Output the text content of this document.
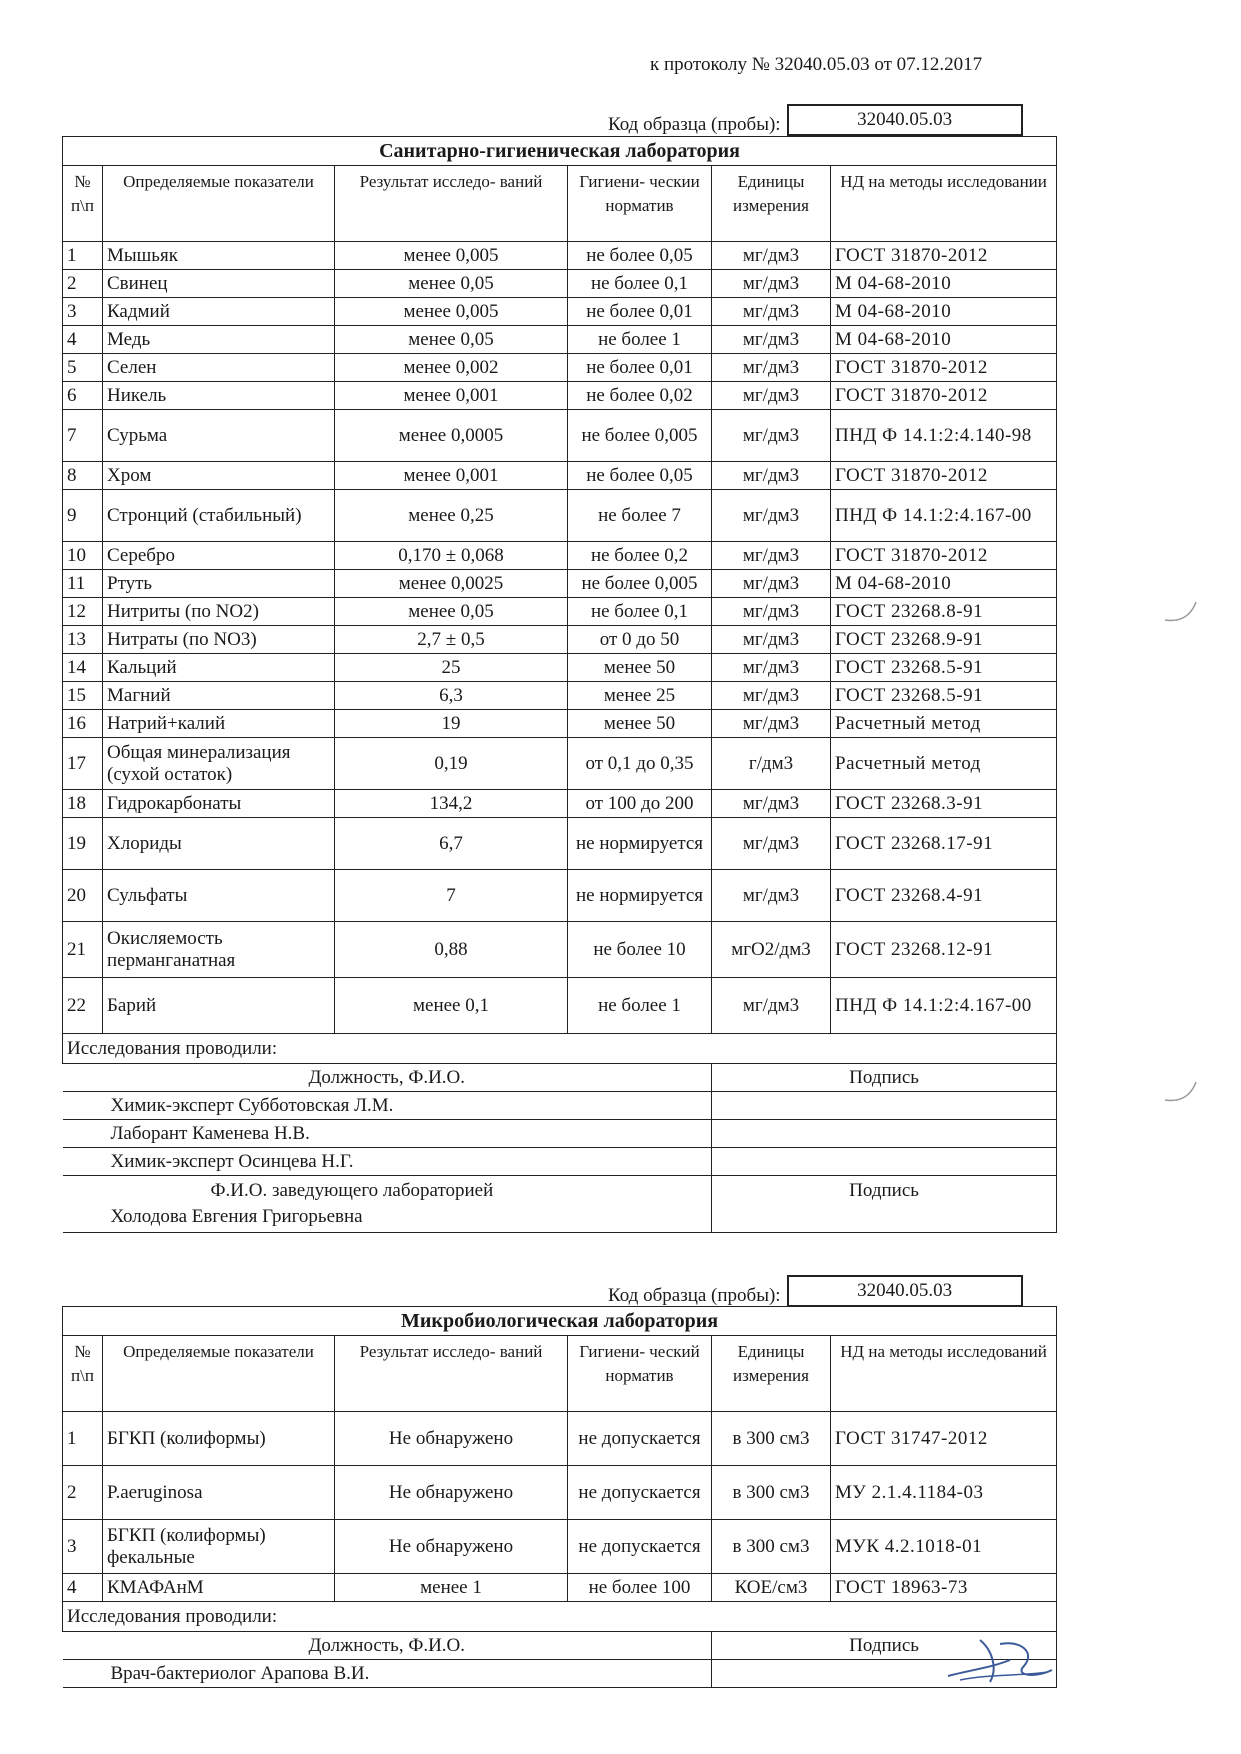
к протоколу № 32040.05.03 от 07.12.2017
Код образца (пробы):	32040.05.03
Санитарно-гигиеническая лаборатория					
№ п\п	Определяемые показатели	Результат исследо- ваний	Гигиени- ческии норматив	Единицы измерения	НД на методы исследовании
1	Мышьяк	менее 0,005	не более 0,05	мг/дм3	ГОСТ 31870-2012
2	Свинец	менее 0,05	не более 0,1	мг/дм3	М 04-68-2010
3	Кадмий	менее 0,005	не более 0,01	мг/дм3	М 04-68-2010
4	Медь	менее 0,05	не более 1	мг/дм3	М 04-68-2010
5	Селен	менее 0,002	не более 0,01	мг/дм3	ГОСТ 31870-2012
6	Никель	менее 0,001	не более 0,02	мг/дм3	ГОСТ 31870-2012
7	Сурьма	менее 0,0005	не более 0,005	мг/дм3	ПНД Ф 14.1:2:4.140-98
8	Хром	менее 0,001	не более 0,05	мг/дм3	ГОСТ 31870-2012
9	Стронций (стабильный)	менее 0,25	не более 7	мг/дм3	ПНД Ф 14.1:2:4.167-00
10	Серебро	0,170 ± 0,068	не более 0,2	мг/дм3	ГОСТ 31870-2012
11	Ртуть	менее 0,0025	не более 0,005	мг/дм3	М 04-68-2010
12	Нитриты (по NO2)	менее 0,05	не более 0,1	мг/дм3	ГОСТ 23268.8-91
13	Нитраты (по NO3)	2,7 ± 0,5	от 0 до 50	мг/дм3	ГОСТ 23268.9-91
14	Кальций	25	менее 50	мг/дм3	ГОСТ 23268.5-91
15	Магний	6,3	менее 25	мг/дм3	ГОСТ 23268.5-91
16	Натрий+калий	19	менее 50	мг/дм3	Расчетный метод
17	Общая минерализация (сухой остаток)	0,19	от 0,1 до 0,35	г/дм3	Расчетный метод
18	Гидрокарбонаты	134,2	от 100 до 200	мг/дм3	ГОСТ 23268.3-91
19	Хлориды	6,7	не нормируется	мг/дм3	ГОСТ 23268.17-91
20	Сульфаты	7	не нормируется	мг/дм3	ГОСТ 23268.4-91
21	Окисляемость перманганатная	0,88	не более 10	мгО2/дм3	ГОСТ 23268.12-91
22	Барий	менее 0,1	не более 1	мг/дм3	ПНД Ф 14.1:2:4.167-00
Исследования проводили:					
Должность, Ф.И.О.				Подпись	
Химик-эксперт Субботовская Л.М.					
Лаборант Каменева Н.В.					
Химик-эксперт Осинцева Н.Г.					

Ф.И.О. заведующего лабораторией
Холодова Евгения Григорьевна				Подпись	
Код образца (пробы):	32040.05.03
Микробиологическая лаборатория					
№ п\п	Определяемые показатели	Результат исследо- ваний	Гигиени- ческий норматив	Единицы измерения	НД на методы исследований
1	БГКП (колиформы)	Не обнаружено	не допускается	в 300 см3	ГОСТ 31747-2012
2	P.aeruginosa	Не обнаружено	не допускается	в 300 см3	МУ 2.1.4.1184-03
3	БГКП (колиформы) фекальные	Не обнаружено	не допускается	в 300 см3	МУК 4.2.1018-01
4	КМАФАнМ	менее 1	не более 100	КОЕ/см3	ГОСТ 18963-73
Исследования проводили:					
Должность, Ф.И.О.				Подпись	
Врач-бактериолог Арапова В.И.					
